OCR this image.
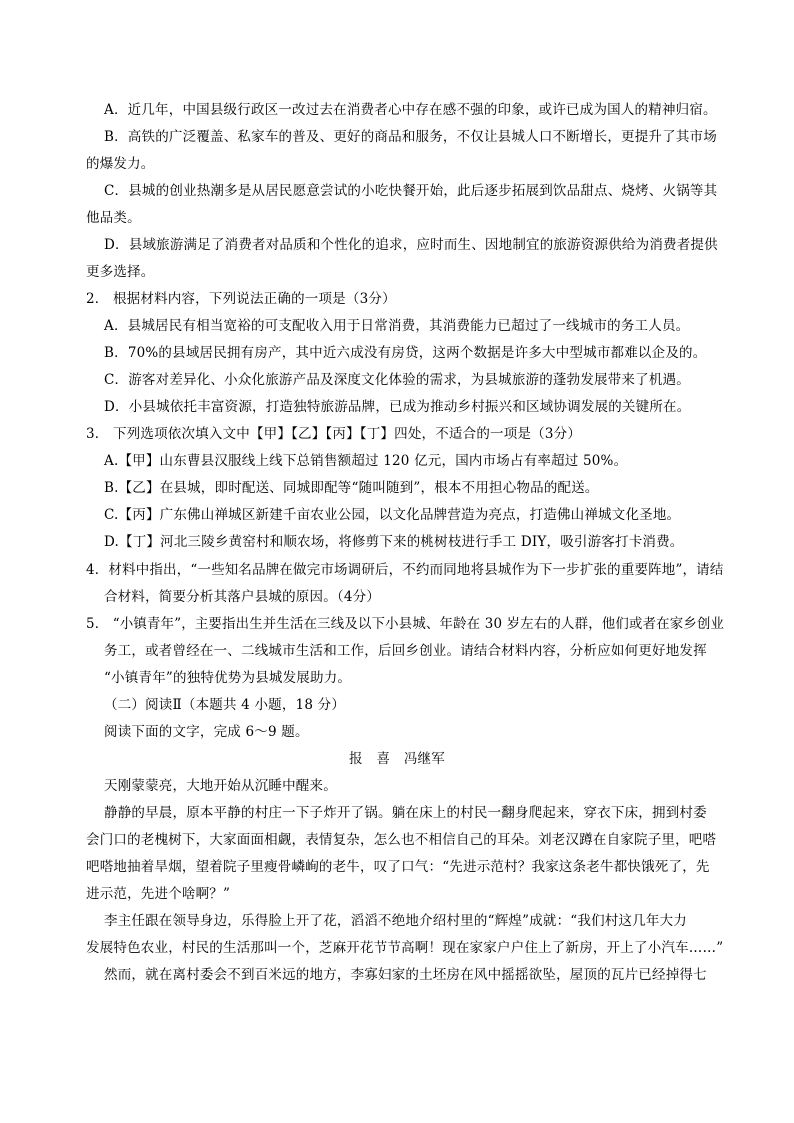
A．近几年，中国县级行政区一改过去在消费者心中存在感不强的印象，或许已成为国人的精神归宿。
B．高铁的广泛覆盖、私家车的普及、更好的商品和服务，不仅让县城人口不断增长，更提升了其市场
的爆发力。
C．县城的创业热潮多是从居民愿意尝试的小吃快餐开始，此后逐步拓展到饮品甜点、烧烤、火锅等其
他品类。
D．县域旅游满足了消费者对品质和个性化的追求，应时而生、因地制宜的旅游资源供给为消费者提供
更多选择。
2． 根据材料内容，下列说法正确的一项是（3分）
A．县城居民有相当宽裕的可支配收入用于日常消费，其消费能力已超过了一线城市的务工人员。
B．70%的县域居民拥有房产，其中近六成没有房贷，这两个数据是许多大中型城市都难以企及的。
C．游客对差异化、小众化旅游产品及深度文化体验的需求，为县城旅游的蓬勃发展带来了机遇。
D．小县城依托丰富资源，打造独特旅游品牌，已成为推动乡村振兴和区域协调发展的关键所在。
3． 下列选项依次填入文中【甲】【乙】【丙】【丁】四处，不适合的一项是（3分）
A.【甲】山东曹县汉服线上线下总销售额超过 120 亿元，国内市场占有率超过 50%。
B.【乙】在县城，即时配送、同城即配等“随叫随到”，根本不用担心物品的配送。
C.【丙】广东佛山禅城区新建千亩农业公园，以文化品牌营造为亮点，打造佛山禅城文化圣地。
D.【丁】河北三陵乡黄窑村和顺农场，将修剪下来的桃树枝进行手工 DIY，吸引游客打卡消费。
4．材料中指出，“一些知名品牌在做完市场调研后，不约而同地将县城作为下一步扩张的重要阵地”，请结
合材料，简要分析其落户县城的原因。（4分）
5． “小镇青年”，主要指出生并生活在三线及以下小县城、年龄在 30 岁左右的人群，他们或者在家乡创业
务工，或者曾经在一、二线城市生活和工作，后回乡创业。请结合材料内容，分析应如何更好地发挥
“小镇青年”的独特优势为县城发展助力。
（二）阅读Ⅱ（本题共 4 小题，18 分）
阅读下面的文字，完成 6～9 题。
报　喜　冯继军
天刚蒙蒙亮，大地开始从沉睡中醒来。
静静的早晨，原本平静的村庄一下子炸开了锅。躺在床上的村民一翻身爬起来，穿衣下床，拥到村委
会门口的老槐树下，大家面面相觑，表情复杂，怎么也不相信自己的耳朵。刘老汉蹲在自家院子里，吧嗒
吧嗒地抽着旱烟，望着院子里瘦骨嶙峋的老牛，叹了口气：“先进示范村？我家这条老牛都快饿死了，先
进示范，先进个啥啊？”
李主任跟在领导身边，乐得脸上开了花，滔滔不绝地介绍村里的“辉煌”成就：“我们村这几年大力
发展特色农业，村民的生活那叫一个，芝麻开花节节高啊！现在家家户户住上了新房，开上了小汽车……”
然而，就在离村委会不到百米远的地方，李寡妇家的土坯房在风中摇摇欲坠，屋顶的瓦片已经掉得七
